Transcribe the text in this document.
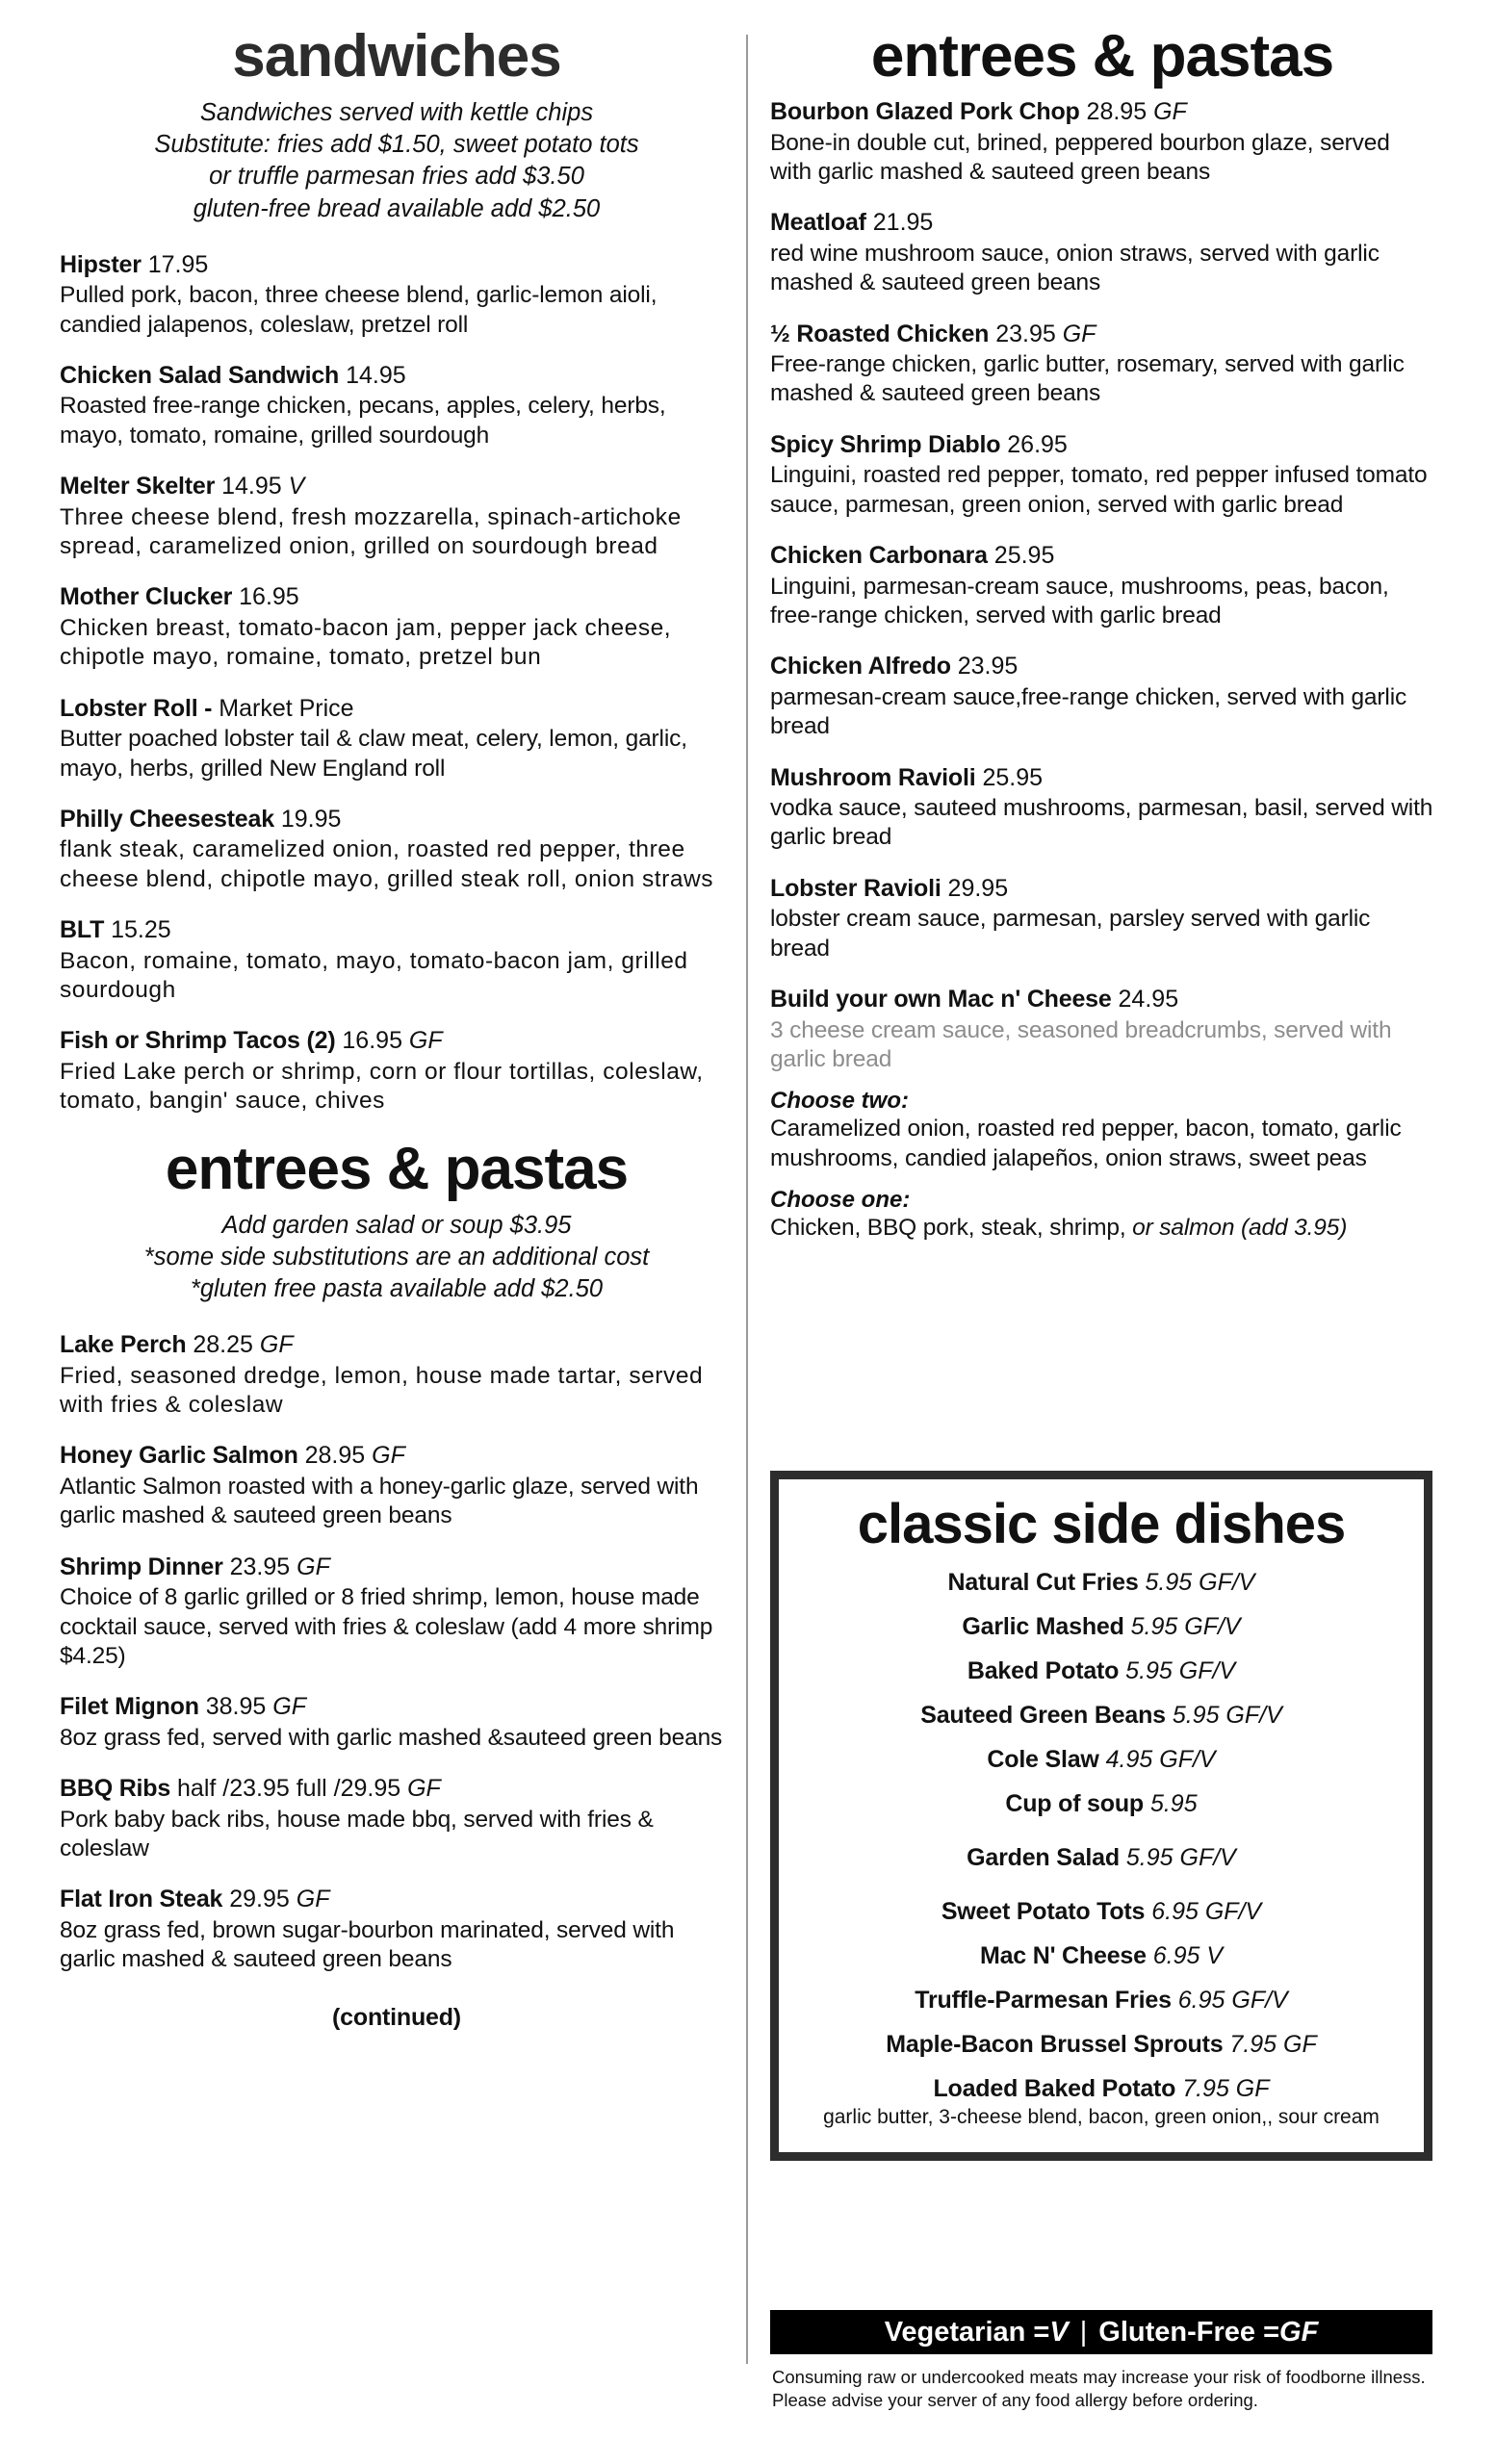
sandwiches
Sandwiches served with kettle chips
Substitute: fries add $1.50, sweet potato tots
or truffle parmesan fries add $3.50
gluten-free bread available add $2.50
Hipster 17.95
Pulled pork, bacon, three cheese blend, garlic-lemon aioli, candied jalapenos, coleslaw, pretzel roll
Chicken Salad Sandwich 14.95
Roasted free-range chicken, pecans, apples, celery, herbs, mayo, tomato, romaine, grilled sourdough
Melter Skelter 14.95 V
Three cheese blend, fresh mozzarella, spinach-artichoke spread, caramelized onion, grilled on sourdough bread
Mother Clucker 16.95
Chicken breast, tomato-bacon jam, pepper jack cheese, chipotle mayo, romaine, tomato, pretzel bun
Lobster Roll - Market Price
Butter poached lobster tail & claw meat, celery, lemon, garlic, mayo, herbs, grilled New England roll
Philly Cheesesteak 19.95
flank steak, caramelized onion, roasted red pepper, three cheese blend, chipotle mayo, grilled steak roll, onion straws
BLT 15.25
Bacon, romaine, tomato, mayo, tomato-bacon jam, grilled sourdough
Fish or Shrimp Tacos (2) 16.95 GF
Fried Lake perch or shrimp, corn or flour tortillas, coleslaw, tomato, bangin' sauce, chives
entrees & pastas
Add garden salad or soup $3.95
*some side substitutions are an additional cost
*gluten free pasta available add $2.50
Lake Perch 28.25 GF
Fried, seasoned dredge, lemon, house made tartar, served with fries & coleslaw
Honey Garlic Salmon 28.95 GF
Atlantic Salmon roasted with a honey-garlic glaze, served with garlic mashed & sauteed green beans
Shrimp Dinner 23.95 GF
Choice of 8 garlic grilled or 8 fried shrimp, lemon, house made cocktail sauce, served with fries & coleslaw (add 4 more shrimp $4.25)
Filet Mignon 38.95 GF
8oz grass fed, served with garlic mashed &sauteed green beans
BBQ Ribs half /23.95 full /29.95 GF
Pork baby back ribs, house made bbq, served with fries & coleslaw
Flat Iron Steak 29.95 GF
8oz grass fed, brown sugar-bourbon marinated, served with garlic mashed & sauteed green beans
(continued)
entrees & pastas
Bourbon Glazed Pork Chop 28.95 GF
Bone-in double cut, brined, peppered bourbon glaze, served with garlic mashed & sauteed green beans
Meatloaf 21.95
red wine mushroom sauce, onion straws, served with garlic mashed & sauteed green beans
½ Roasted Chicken 23.95 GF
Free-range chicken, garlic butter, rosemary, served with garlic mashed & sauteed green beans
Spicy Shrimp Diablo 26.95
Linguini, roasted red pepper, tomato, red pepper infused tomato sauce, parmesan, green onion, served with garlic bread
Chicken Carbonara 25.95
Linguini, parmesan-cream sauce, mushrooms, peas, bacon, free-range chicken, served with garlic bread
Chicken Alfredo 23.95
parmesan-cream sauce,free-range chicken, served with garlic bread
Mushroom Ravioli 25.95
vodka sauce, sauteed mushrooms, parmesan, basil, served with garlic bread
Lobster Ravioli 29.95
lobster cream sauce, parmesan, parsley served with garlic bread
Build your own Mac n' Cheese 24.95
3 cheese cream sauce, seasoned breadcrumbs, served with garlic bread
Choose two:
Caramelized onion, roasted red pepper, bacon, tomato, garlic mushrooms, candied jalapeños, onion straws, sweet peas
Choose one:
Chicken, BBQ pork, steak, shrimp, or salmon (add 3.95)
classic side dishes
Natural Cut Fries 5.95 GF/V
Garlic Mashed 5.95 GF/V
Baked Potato 5.95 GF/V
Sauteed Green Beans 5.95 GF/V
Cole Slaw 4.95 GF/V
Cup of soup 5.95
Garden Salad 5.95 GF/V
Sweet Potato Tots 6.95 GF/V
Mac N' Cheese 6.95 V
Truffle-Parmesan Fries 6.95 GF/V
Maple-Bacon Brussel Sprouts 7.95 GF
Loaded Baked Potato 7.95 GF
garlic butter, 3-cheese blend, bacon, green onion,, sour cream
Vegetarian = V | Gluten-Free = GF
Consuming raw or undercooked meats may increase your risk of foodborne illness. Please advise your server of any food allergy before ordering.
